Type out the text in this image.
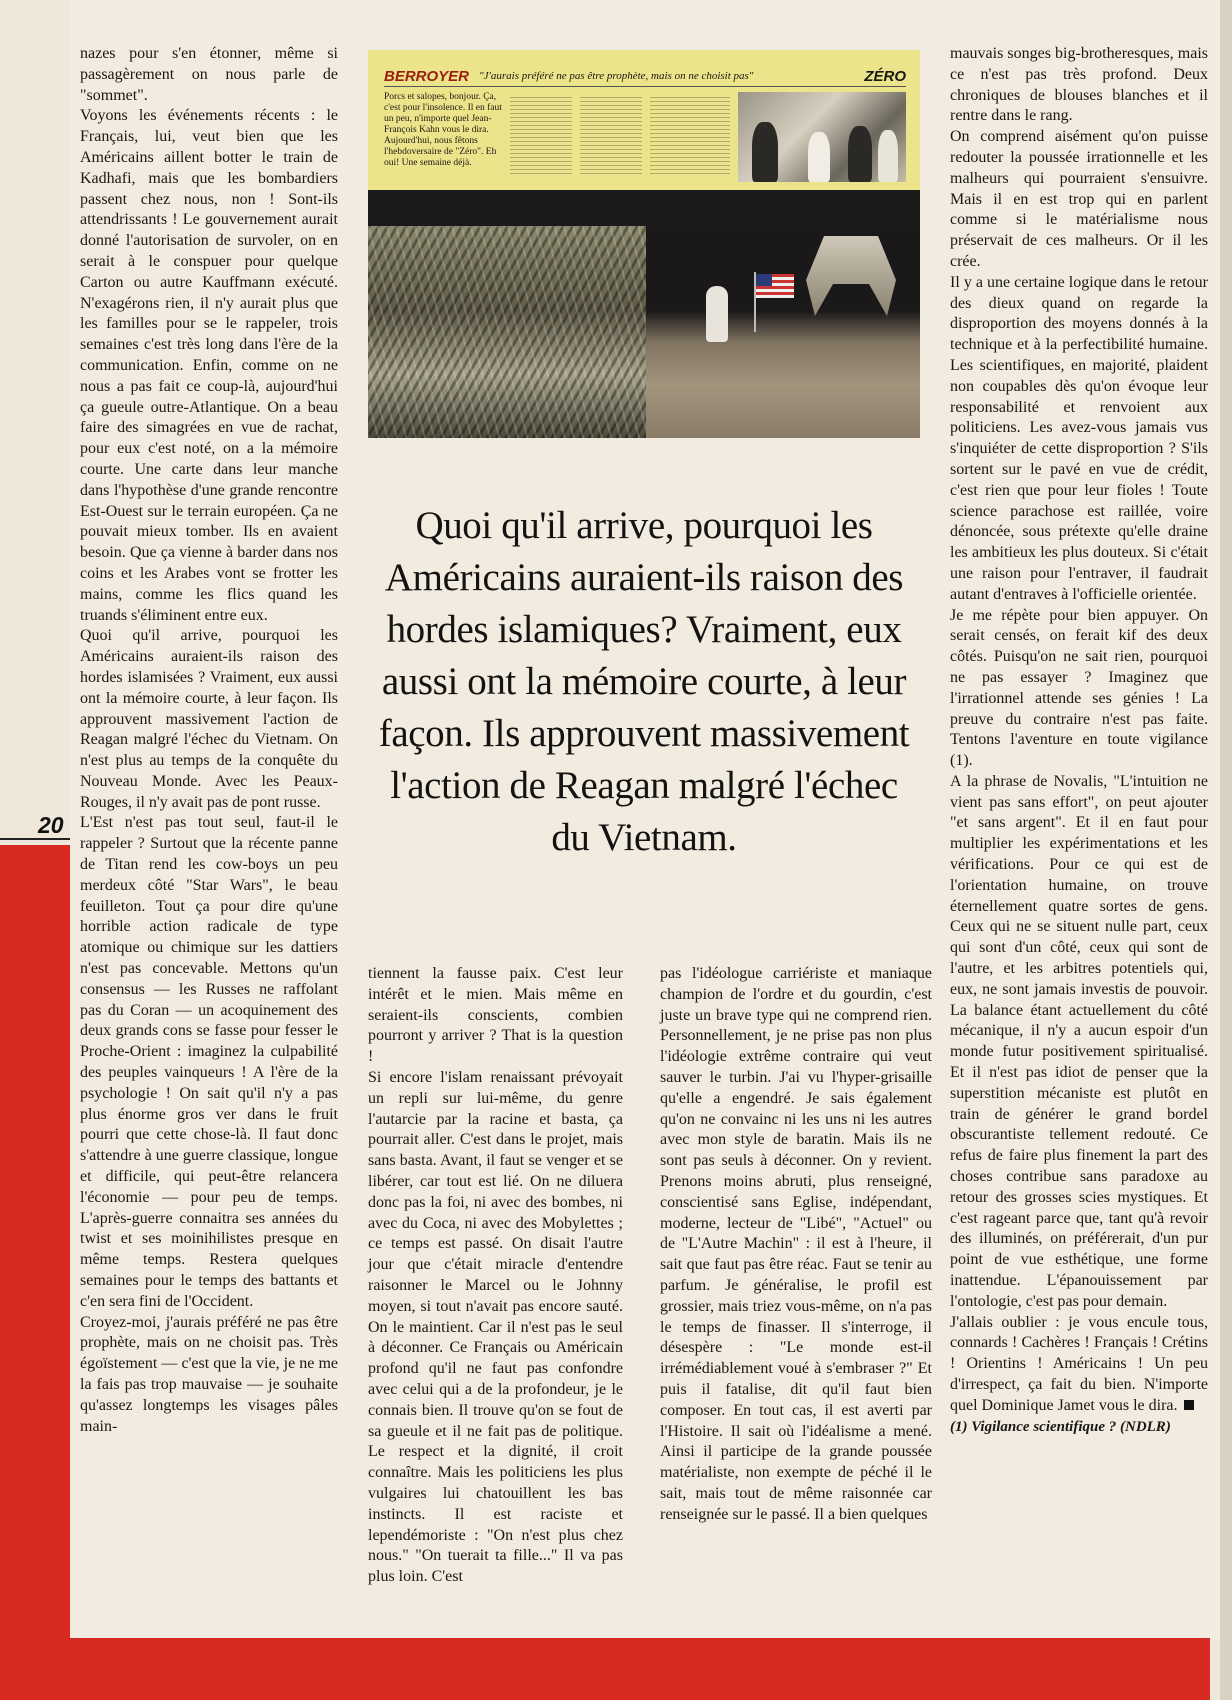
20

nazes pour s'en étonner, même si passagèrement on nous parle de "sommet".

Voyons les événements récents : le Français, lui, veut bien que les Américains aillent botter le train de Kadhafi, mais que les bombardiers passent chez nous, non ! Sont-ils attendrissants ! Le gouvernement aurait donné l'autorisation de survoler, on en serait à le conspuer pour quelque Carton ou autre Kauffmann exécuté. N'exagérons rien, il n'y aurait plus que les familles pour se le rappeler, trois semaines c'est très long dans l'ère de la communication. Enfin, comme on ne nous a pas fait ce coup-là, aujourd'hui ça gueule outre-Atlantique. On a beau faire des simagrées en vue de rachat, pour eux c'est noté, on a la mémoire courte. Une carte dans leur manche dans l'hypothèse d'une grande rencontre Est-Ouest sur le terrain européen. Ça ne pouvait mieux tomber. Ils en avaient besoin. Que ça vienne à barder dans nos coins et les Arabes vont se frotter les mains, comme les flics quand les truands s'éliminent entre eux.

Quoi qu'il arrive, pourquoi les Américains auraient-ils raison des hordes islamisées ? Vraiment, eux aussi ont la mémoire courte, à leur façon. Ils approuvent massivement l'action de Reagan malgré l'échec du Vietnam. On n'est plus au temps de la conquête du Nouveau Monde. Avec les Peaux-Rouges, il n'y avait pas de pont russe.

L'Est n'est pas tout seul, faut-il le rappeler ? Surtout que la récente panne de Titan rend les cow-boys un peu merdeux côté "Star Wars", le beau feuilleton. Tout ça pour dire qu'une horrible action radicale de type atomique ou chimique sur les dattiers n'est pas concevable. Mettons qu'un consensus — les Russes ne raffolant pas du Coran — un acoquinement des deux grands cons se fasse pour fesser le Proche-Orient : imaginez la culpabilité des peuples vainqueurs ! A l'ère de la psychologie ! On sait qu'il n'y a pas plus énorme gros ver dans le fruit pourri que cette chose-là. Il faut donc s'attendre à une guerre classique, longue et difficile, qui peut-être relancera l'économie — pour peu de temps. L'après-guerre connaitra ses années du twist et ses moinihilistes presque en même temps. Restera quelques semaines pour le temps des battants et c'en sera fini de l'Occident.

Croyez-moi, j'aurais préféré ne pas être prophète, mais on ne choisit pas. Très égoïstement — c'est que la vie, je ne me la fais pas trop mauvaise — je souhaite qu'assez longtemps les visages pâles main-

BERROYER "J'aurais préféré ne pas être prophète, mais on ne choisit pas"	ZÉRO
Porcs et salopes, bonjour. Ça, c'est pour l'insolence. Il en faut un peu, n'importe quel Jean-François Kahn vous le dira. Aujourd'hui, nous fêtons l'hebdoversaire de "Zéro". Eh oui! Une semaine déjà.
Quoi qu'il arrive, pourquoi les Américains auraient-ils raison des hordes islamiques? Vraiment, eux aussi ont la mémoire courte, à leur façon. Ils approuvent massivement l'action de Reagan malgré l'échec du Vietnam.

tiennent la fausse paix. C'est leur intérêt et le mien. Mais même en seraient-ils conscients, combien pourront y arriver ? That is la question !

Si encore l'islam renaissant prévoyait un repli sur lui-même, du genre l'autarcie par la racine et basta, ça pourrait aller. C'est dans le projet, mais sans basta. Avant, il faut se venger et se libérer, car tout est lié. On ne diluera donc pas la foi, ni avec des bombes, ni avec du Coca, ni avec des Mobylettes ; ce temps est passé. On disait l'autre jour que c'était miracle d'entendre raisonner le Marcel ou le Johnny moyen, si tout n'avait pas encore sauté. On le maintient. Car il n'est pas le seul à déconner. Ce Français ou Américain profond qu'il ne faut pas confondre avec celui qui a de la profondeur, je le connais bien. Il trouve qu'on se fout de sa gueule et il ne fait pas de politique. Le respect et la dignité, il croit connaître. Mais les politiciens les plus vulgaires lui chatouillent les bas instincts. Il est raciste et lependémoriste : "On n'est plus chez nous." "On tuerait ta fille..." Il va pas plus loin. C'est

pas l'idéologue carriériste et maniaque champion de l'ordre et du gourdin, c'est juste un brave type qui ne comprend rien. Personnellement, je ne prise pas non plus l'idéologie extrême contraire qui veut sauver le turbin. J'ai vu l'hyper-grisaille qu'elle a engendré. Je sais également qu'on ne convainc ni les uns ni les autres avec mon style de baratin. Mais ils ne sont pas seuls à déconner. On y revient. Prenons moins abruti, plus renseigné, conscientisé sans Eglise, indépendant, moderne, lecteur de "Libé", "Actuel" ou de "L'Autre Machin" : il est à l'heure, il sait que faut pas être réac. Faut se tenir au parfum. Je généralise, le profil est grossier, mais triez vous-même, on n'a pas le temps de finasser. Il s'interroge, il désespère : "Le monde est-il irrémédiablement voué à s'embraser ?" Et puis il fatalise, dit qu'il faut bien composer. En tout cas, il est averti par l'Histoire. Il sait où l'idéalisme a mené. Ainsi il participe de la grande poussée matérialiste, non exempte de péché il le sait, mais tout de même raisonnée car renseignée sur le passé. Il a bien quelques

mauvais songes big-brotheresques, mais ce n'est pas très profond. Deux chroniques de blouses blanches et il rentre dans le rang.

On comprend aisément qu'on puisse redouter la poussée irrationnelle et les malheurs qui pourraient s'ensuivre. Mais il en est trop qui en parlent comme si le matérialisme nous préservait de ces malheurs. Or il les crée.

Il y a une certaine logique dans le retour des dieux quand on regarde la disproportion des moyens donnés à la technique et à la perfectibilité humaine. Les scientifiques, en majorité, plaident non coupables dès qu'on évoque leur responsabilité et renvoient aux politiciens. Les avez-vous jamais vus s'inquiéter de cette disproportion ? S'ils sortent sur le pavé en vue de crédit, c'est rien que pour leur fioles ! Toute science parachose est raillée, voire dénoncée, sous prétexte qu'elle draine les ambitieux les plus douteux. Si c'était une raison pour l'entraver, il faudrait autant d'entraves à l'officielle orientée.

Je me répète pour bien appuyer. On serait censés, on ferait kif des deux côtés. Puisqu'on ne sait rien, pourquoi ne pas essayer ? Imaginez que l'irrationnel attende ses génies ! La preuve du contraire n'est pas faite. Tentons l'aventure en toute vigilance (1).

A la phrase de Novalis, "L'intuition ne vient pas sans effort", on peut ajouter "et sans argent". Et il en faut pour multiplier les expérimentations et les vérifications. Pour ce qui est de l'orientation humaine, on trouve éternellement quatre sortes de gens. Ceux qui ne se situent nulle part, ceux qui sont d'un côté, ceux qui sont de l'autre, et les arbitres potentiels qui, eux, ne sont jamais investis de pouvoir. La balance étant actuellement du côté mécanique, il n'y a aucun espoir d'un monde futur positivement spiritualisé. Et il n'est pas idiot de penser que la superstition mécaniste est plutôt en train de générer le grand bordel obscurantiste tellement redouté. Ce refus de faire plus finement la part des choses contribue sans paradoxe au retour des grosses scies mystiques. Et c'est rageant parce que, tant qu'à revoir des illuminés, on préférerait, d'un pur point de vue esthétique, une forme inattendue. L'épanouissement par l'ontologie, c'est pas pour demain.

J'allais oublier : je vous encule tous, connards ! Cachères ! Français ! Crétins ! Orientins ! Américains ! Un peu d'irrespect, ça fait du bien. N'importe quel Dominique Jamet vous le dira.

(1) Vigilance scientifique ? (NDLR)
